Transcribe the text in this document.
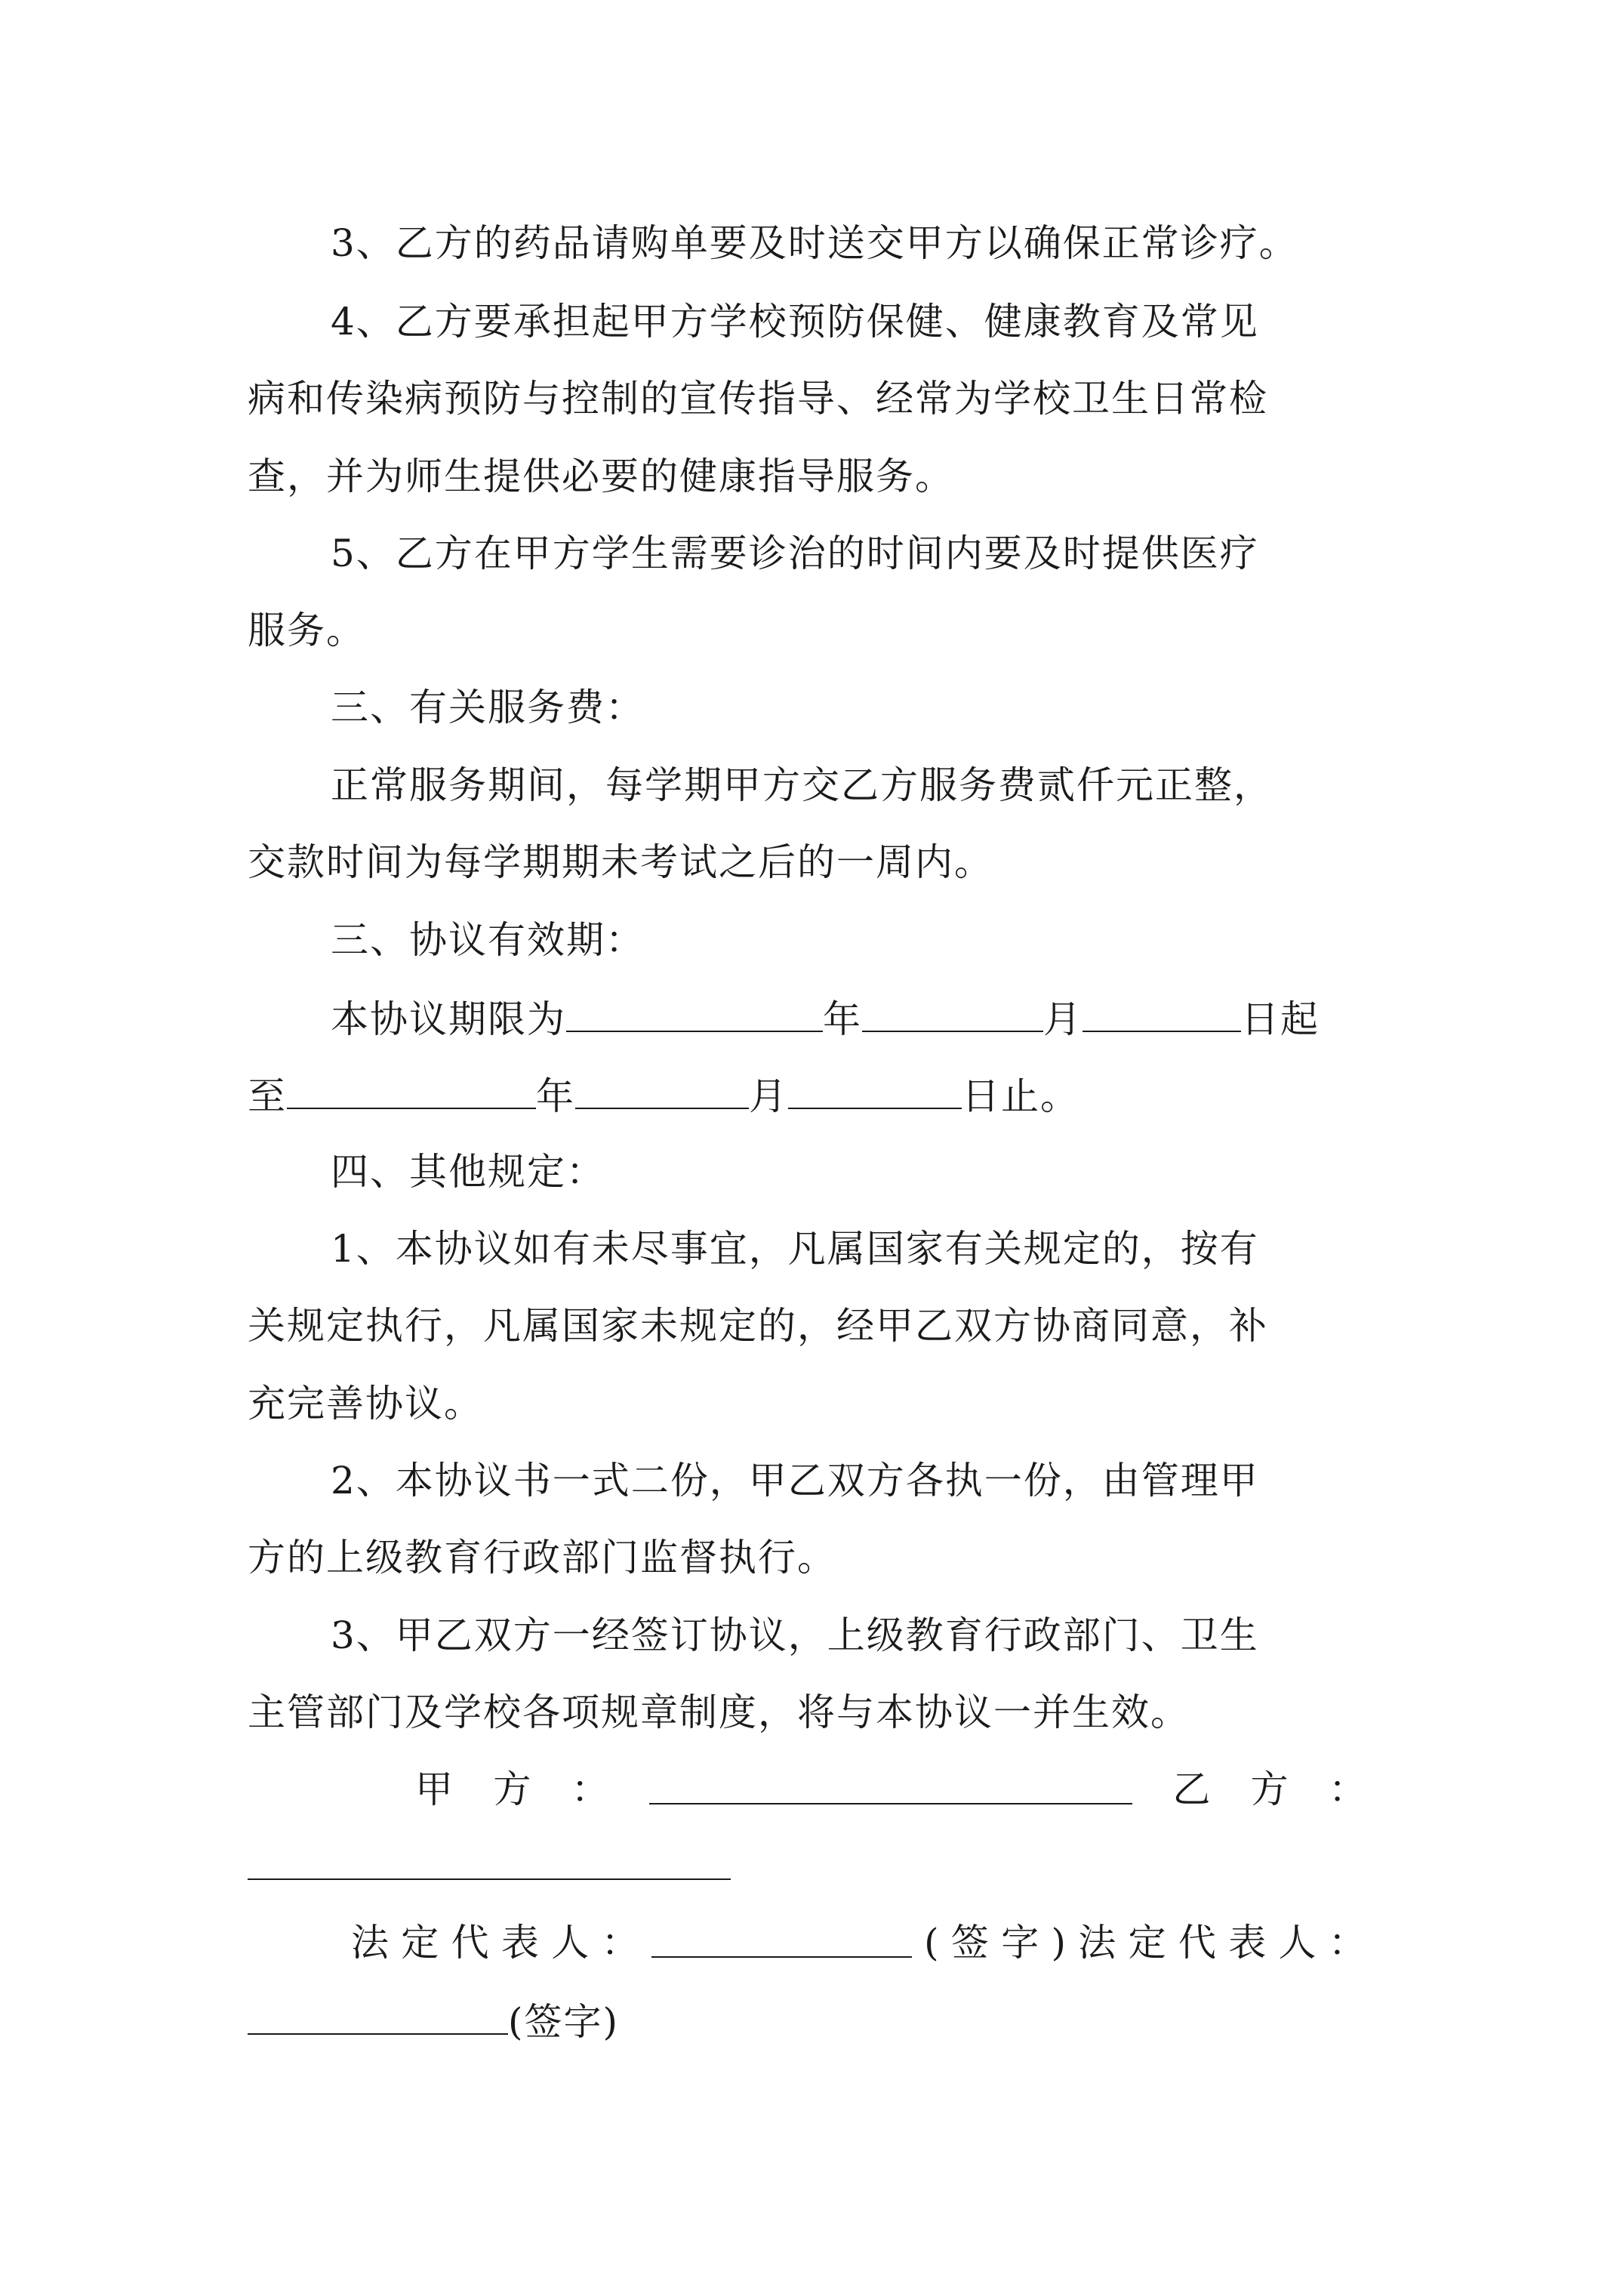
3、乙方的药品请购单要及时送交甲方以确保正常诊疗。
4、乙方要承担起甲方学校预防保健、健康教育及常见
病和传染病预防与控制的宣传指导、经常为学校卫生日常检
查，并为师生提供必要的健康指导服务。
5、乙方在甲方学生需要诊治的时间内要及时提供医疗
服务。
三、有关服务费：
正常服务期间，每学期甲方交乙方服务费贰仟元正整，
交款时间为每学期期未考试之后的一周内。
三、协议有效期：
本协议期限为	年	月	日起
至	年	月	日止。
四、其他规定：
1、本协议如有未尽事宜，凡属国家有关规定的，按有
关规定执行，凡属国家未规定的，经甲乙双方协商同意，补
充完善协议。
2、本协议书一式二份，甲乙双方各执一份，由管理甲
方的上级教育行政部门监督执行。
3、甲乙双方一经签订协议，上级教育行政部门、卫生
主管部门及学校各项规章制度，将与本协议一并生效。
甲 方 ：	乙 方 ：
法 定 代 表 人 ：	( 签 字 ) 法 定 代 表 人 ：
(签字)
